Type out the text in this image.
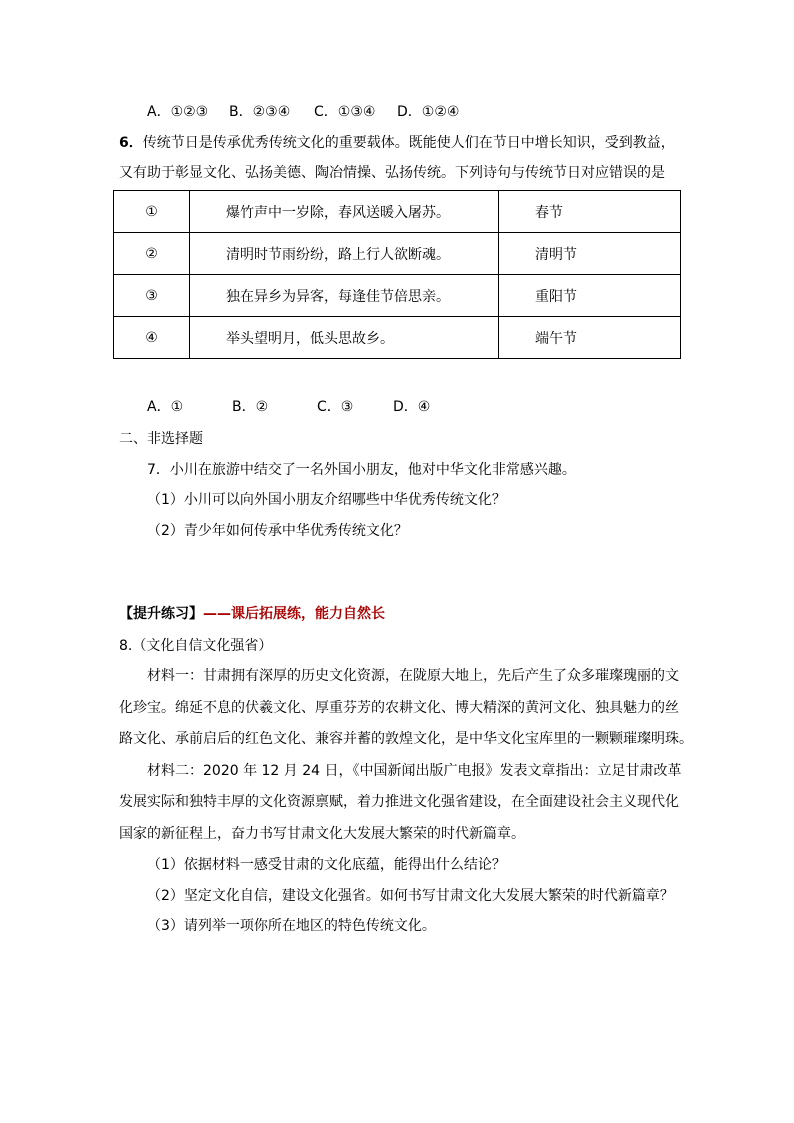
A．①②③	B．②③④	C．①③④	D．①②④
6．传统节日是传承优秀传统文化的重要载体。既能使人们在节日中增长知识，受到教益，
又有助于彰显文化、弘扬美德、陶冶情操、弘扬传统。下列诗句与传统节日对应错误的是
①	爆竹声中一岁除，春风送暖入屠苏。	春节
②	清明时节雨纷纷，路上行人欲断魂。	清明节
③	独在异乡为异客，每逢佳节倍思亲。	重阳节
④	举头望明月，低头思故乡。	端午节
A．①	B．②	C．③	D．④
二、非选择题
7．小川在旅游中结交了一名外国小朋友，他对中华文化非常感兴趣。
（1）小川可以向外国小朋友介绍哪些中华优秀传统文化？
（2）青少年如何传承中华优秀传统文化？
【提升练习】——课后拓展练，能力自然长
8.（文化自信文化强省）
材料一：甘肃拥有深厚的历史文化资源，在陇原大地上，先后产生了众多璀璨瑰丽的文
化珍宝。绵延不息的伏羲文化、厚重芬芳的农耕文化、博大精深的黄河文化、独具魅力的丝
路文化、承前启后的红色文化、兼容并蓄的敦煌文化，是中华文化宝库里的一颗颗璀璨明珠。
材料二：2020 年 12 月 24 日，《中国新闻出版广电报》发表文章指出：立足甘肃改革
发展实际和独特丰厚的文化资源禀赋，着力推进文化强省建设，在全面建设社会主义现代化
国家的新征程上，奋力书写甘肃文化大发展大繁荣的时代新篇章。
（1）依据材料一感受甘肃的文化底蕴，能得出什么结论？
（2）坚定文化自信，建设文化强省。如何书写甘肃文化大发展大繁荣的时代新篇章？
（3）请列举一项你所在地区的特色传统文化。
